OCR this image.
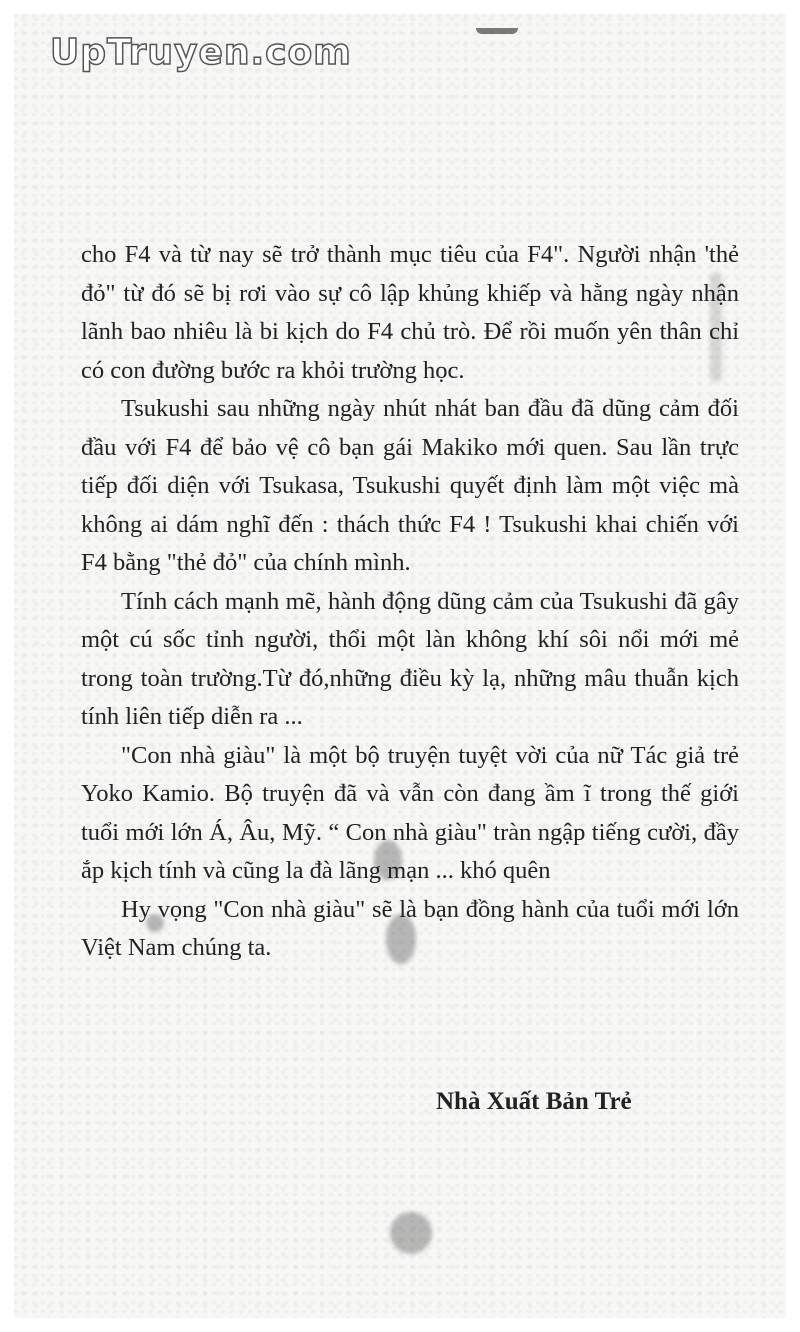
UpTruyen.com

cho F4 và từ nay sẽ trở thành mục tiêu của F4". Người nhận 'thẻ đỏ" từ đó sẽ bị rơi vào sự cô lập khủng khiếp và hằng ngày nhận lãnh bao nhiêu là bi kịch do F4 chủ trò. Để rồi muốn yên thân chỉ có con đường bước ra khỏi trường học.

Tsukushi sau những ngày nhút nhát ban đầu đã dũng cảm đối đầu với F4 để bảo vệ cô bạn gái Makiko mới quen. Sau lần trực tiếp đối diện với Tsukasa, Tsukushi quyết định làm một việc mà không ai dám nghĩ đến : thách thức F4 ! Tsukushi khai chiến với F4 bằng "thẻ đỏ" của chính mình.

Tính cách mạnh mẽ, hành động dũng cảm của Tsukushi đã gây một cú sốc tỉnh người, thổi một làn không khí sôi nổi mới mẻ trong toàn trường.Từ đó,những điều kỳ lạ, những mâu thuẫn kịch tính liên tiếp diễn ra ...

"Con nhà giàu" là một bộ truyện tuyệt vời của nữ Tác giả trẻ Yoko Kamio. Bộ truyện đã và vẫn còn đang ầm ĩ trong thế giới tuổi mới lớn Á, Âu, Mỹ. “ Con nhà giàu" tràn ngập tiếng cười, đầy ắp kịch tính và cũng la đà lãng mạn ... khó quên

Hy vọng "Con nhà giàu" sẽ là bạn đồng hành của tuổi mới lớn Việt Nam chúng ta.

Nhà Xuất Bản Trẻ
